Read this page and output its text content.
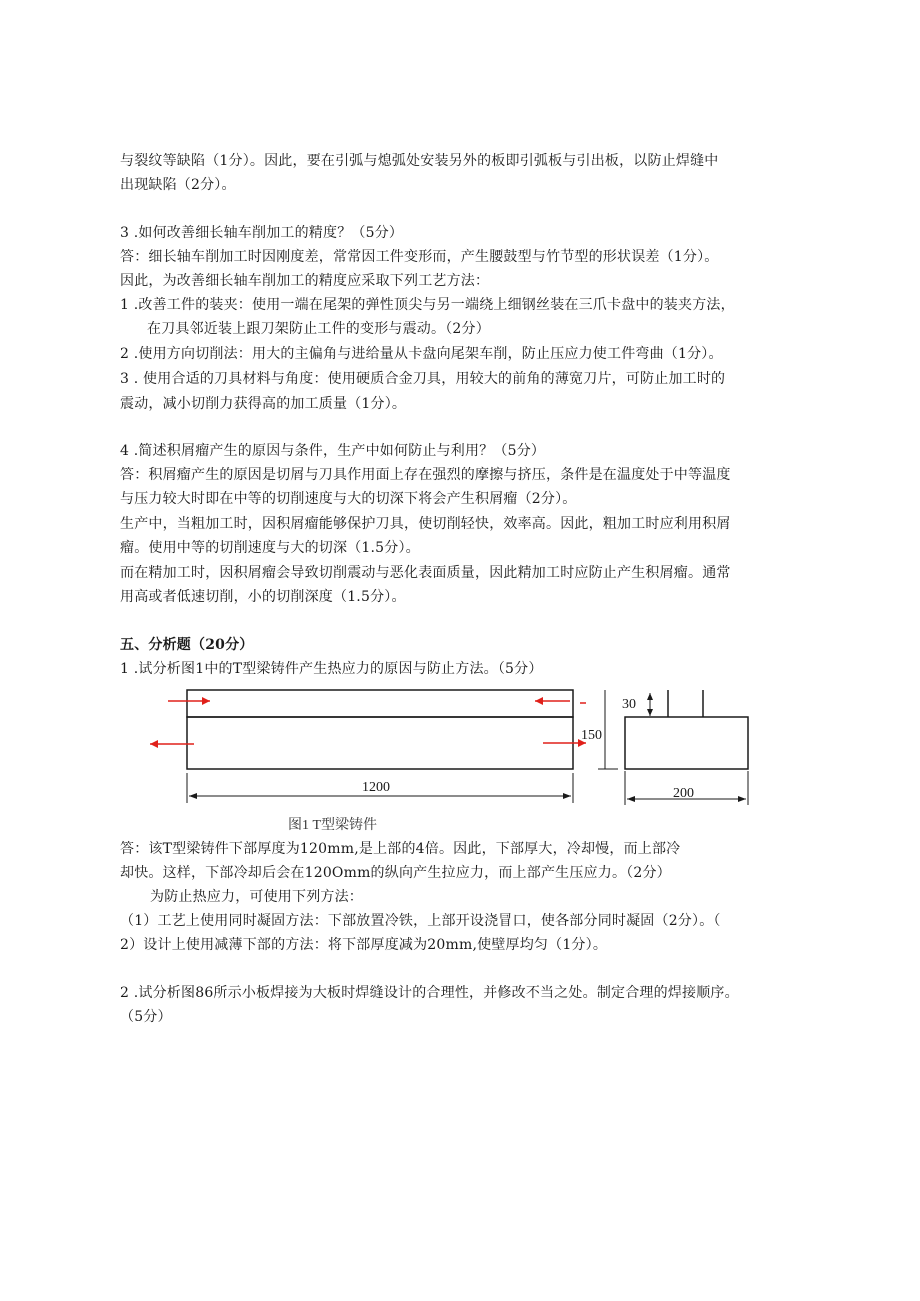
与裂纹等缺陷（1分）。因此，要在引弧与熄弧处安装另外的板即引弧板与引出板，以防止焊缝中
出现缺陷（2分）。
3 .如何改善细长轴车削加工的精度？（5分）
答：细长轴车削加工时因刚度差，常常因工件变形而，产生腰鼓型与竹节型的形状误差（1分）。
因此，为改善细长轴车削加工的精度应采取下列工艺方法：
1 .改善工件的装夹：使用一端在尾架的弹性顶尖与另一端绕上细钢丝装在三爪卡盘中的装夹方法，
在刀具邻近装上跟刀架防止工件的变形与震动。（2分）
2 .使用方向切削法：用大的主偏角与进给量从卡盘向尾架车削，防止压应力使工件弯曲（1分）。
3 . 使用合适的刀具材料与角度：使用硬质合金刀具，用较大的前角的薄宽刀片，可防止加工时的
震动，减小切削力获得高的加工质量（1分）。
4 .简述积屑瘤产生的原因与条件，生产中如何防止与利用？（5分）
答：积屑瘤产生的原因是切屑与刀具作用面上存在强烈的摩擦与挤压，条件是在温度处于中等温度
与压力较大时即在中等的切削速度与大的切深下将会产生积屑瘤（2分）。
生产中，当粗加工时，因积屑瘤能够保护刀具，使切削轻快，效率高。因此，粗加工时应利用积屑
瘤。使用中等的切削速度与大的切深（1.5分）。
而在精加工时，因积屑瘤会导致切削震动与恶化表面质量，因此精加工时应防止产生积屑瘤。通常
用高或者低速切削，小的切削深度（1.5分）。
五、分析题（20分）
1 .试分析图1中的T型梁铸件产生热应力的原因与防止方法。（5分）
1200
150
30
200
图1 T型梁铸件
答：该T型梁铸件下部厚度为120mm,是上部的4倍。因此，下部厚大，冷却慢，而上部冷
却快。这样，下部冷却后会在120Omm的纵向产生拉应力，而上部产生压应力。（2分）
为防止热应力，可使用下列方法：
（1）工艺上使用同时凝固方法：下部放置冷铁，上部开设浇冒口，使各部分同时凝固（2分）。（
2）设计上使用减薄下部的方法：将下部厚度减为20mm,使壁厚均匀（1分）。
2 .试分析图86所示小板焊接为大板时焊缝设计的合理性，并修改不当之处。制定合理的焊接顺序。
（5分）
